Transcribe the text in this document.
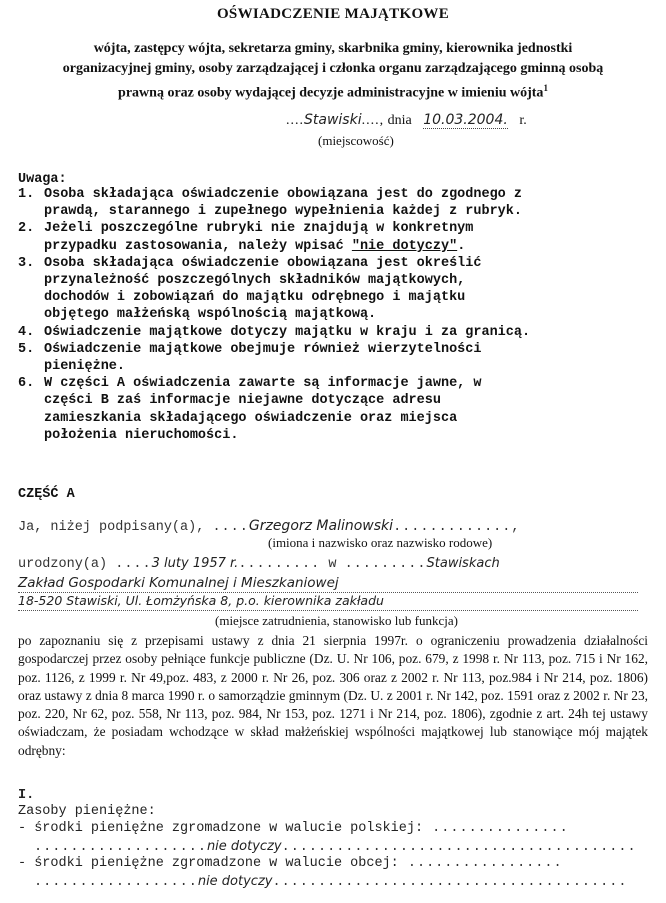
OŚWIADCZENIE MAJĄTKOWE
wójta, zastępcy wójta, sekretarza gminy, skarbnika gminy, kierownika jednostki
organizacyjnej gminy, osoby zarządzającej i członka organu zarządzającego gminną osobą
prawną oraz osoby wydającej decyzje administracyjne w imieniu wójta$^1$
....Stawiski...., dnia 10.03.2004. r.
(miejscowość)
Uwaga:
1. Osoba składająca oświadczenie obowiązana jest do zgodnego z
prawdą, starannego i zupełnego wypełnienia każdej z rubryk.
2. Jeżeli poszczególne rubryki nie znajdują w konkretnym
przypadku zastosowania, należy wpisać "nie dotyczy".
3. Osoba składająca oświadczenie obowiązana jest określić
przynależność poszczególnych składników majątkowych,
dochodów i zobowiązań do majątku odrębnego i majątku
objętego małżeńską wspólnością majątkową.
4. Oświadczenie majątkowe dotyczy majątku w kraju i za granicą.
5. Oświadczenie majątkowe obejmuje również wierzytelności
pieniężne.
6. W części A oświadczenia zawarte są informacje jawne, w
części B zaś informacje niejawne dotyczące adresu
zamieszkania składającego oświadczenie oraz miejsca
położenia nieruchomości.
CZĘŚĆ A
Ja, niżej podpisany(a), ....Grzegorz Malinowski.............,
(imiona i nazwisko oraz nazwisko rodowe)
urodzony(a) ....3 luty 1957 r.......... w .........Stawiskach
Zakład Gospodarki Komunalnej i Mieszkaniowej
18-520 Stawiski, Ul. Łomżyńska 8, p.o. kierownika zakładu
(miejsce zatrudnienia, stanowisko lub funkcja)

po zapoznaniu się z przepisami ustawy z dnia 21 sierpnia 1997r. o ograniczeniu prowadzenia działalności gospodarczej przez osoby pełniące funkcje publiczne (Dz. U. Nr 106, poz. 679, z 1998 r. Nr 113, poz. 715 i Nr 162, poz. 1126, z 1999 r. Nr 49,poz. 483, z 2000 r. Nr 26, poz. 306 oraz z 2002 r. Nr 113, poz.984 i Nr 214, poz. 1806) oraz ustawy z dnia 8 marca 1990 r. o samorządzie gminnym (Dz. U. z 2001 r. Nr 142, poz. 1591 oraz z 2002 r. Nr 23, poz. 220, Nr 62, poz. 558, Nr 113, poz. 984, Nr 153, poz. 1271 i Nr 214, poz. 1806), zgodnie z art. 24h tej ustawy oświadczam, że posiadam wchodzące w skład małżeńskiej wspólności majątkowej lub stanowiące mój majątek odrębny:

I.
Zasoby pieniężne:
- środki pieniężne zgromadzone w walucie polskiej: ...............
...................nie dotyczy.......................................
- środki pieniężne zgromadzone w walucie obcej: .................
..................nie dotyczy.......................................
